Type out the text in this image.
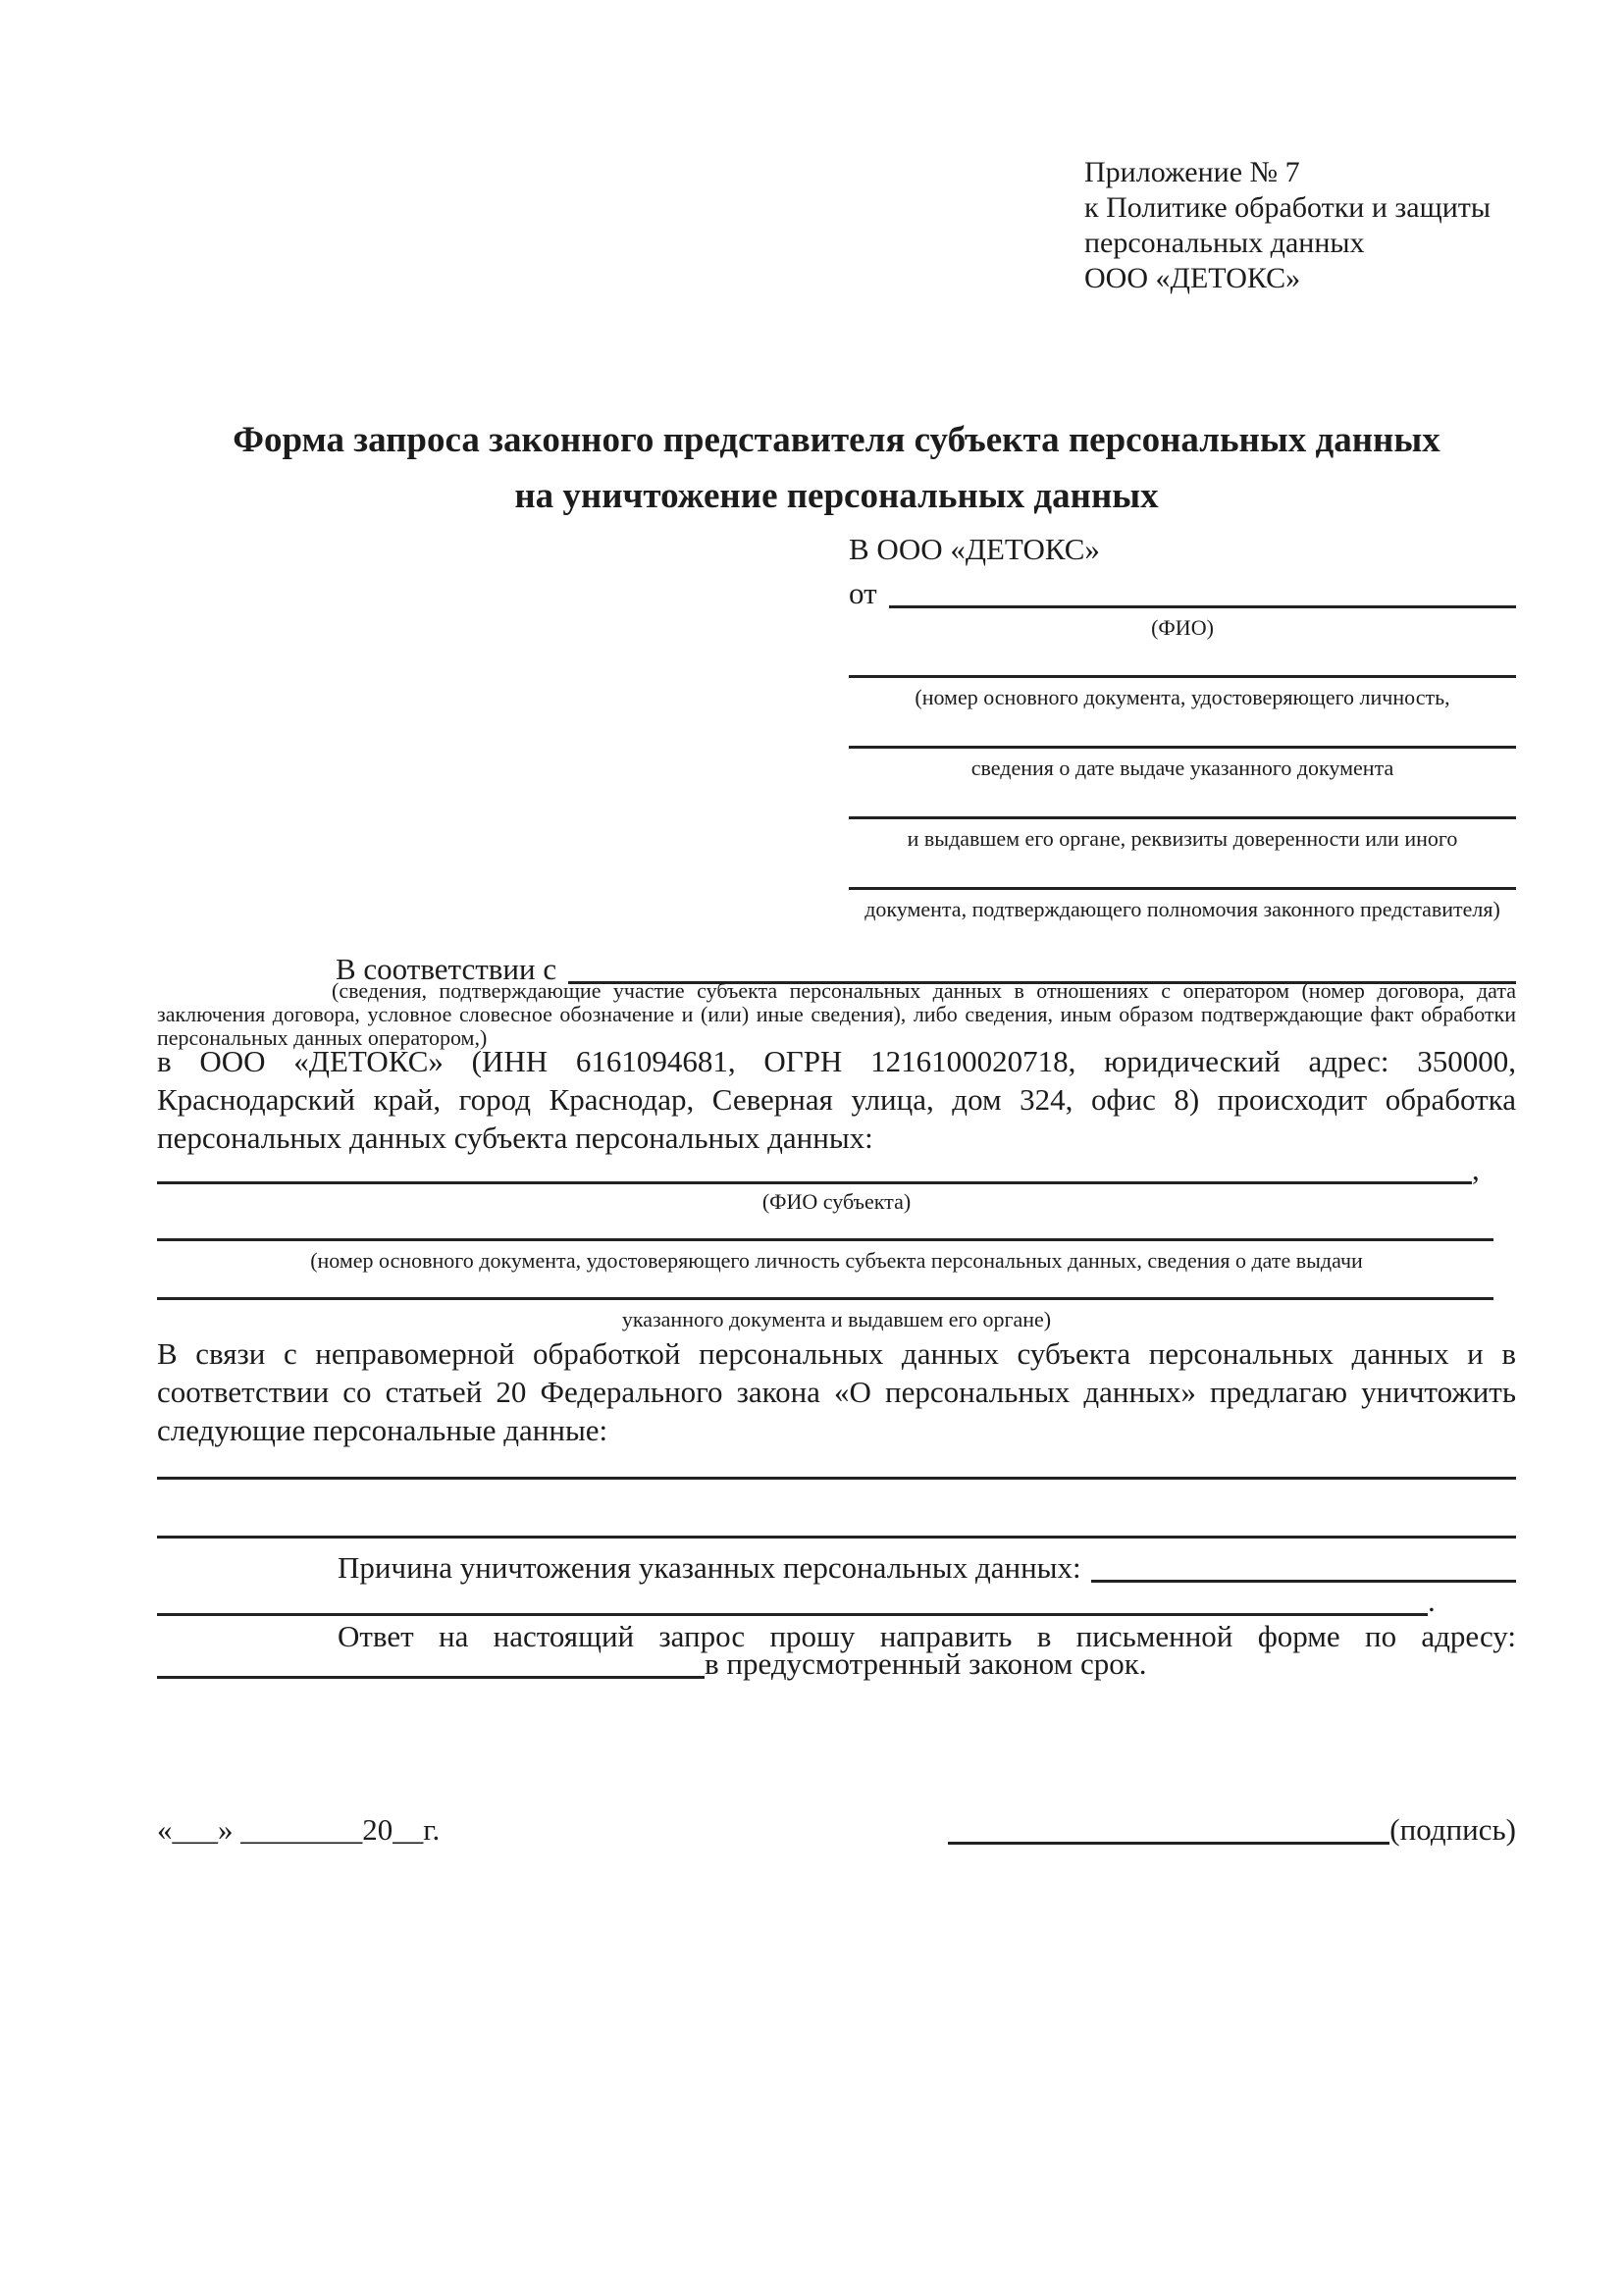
Приложение № 7
к Политике обработки и защиты
персональных данных
ООО «ДЕТОКС»
Форма запроса законного представителя субъекта персональных данных
на уничтожение персональных данных
В ООО «ДЕТОКС»
от
(ФИО)
(номер основного документа, удостоверяющего личность,
сведения о дате выдаче указанного документа
и выдавшем его органе, реквизиты доверенности или иного
документа, подтверждающего полномочия законного представителя)
В соответствии с
(сведения, подтверждающие участие субъекта персональных данных в отношениях с оператором (номер договора, дата заключения договора, условное словесное обозначение и (или) иные сведения), либо сведения, иным образом подтверждающие факт обработки персональных данных оператором,)
в ООО «ДЕТОКС» (ИНН 6161094681, ОГРН 1216100020718, юридический адрес: 350000, Краснодарский край, город Краснодар, Северная улица, дом 324, офис 8) происходит обработка персональных данных субъекта персональных данных:
,
(ФИО субъекта)
(номер основного документа, удостоверяющего личность субъекта персональных данных, сведения о дате выдачи
указанного документа и выдавшем его органе)
В связи с неправомерной обработкой персональных данных субъекта персональных данных и в соответствии со статьей 20 Федерального закона «О персональных данных» предлагаю уничтожить следующие персональные данные:
Причина уничтожения указанных персональных данных:
.
Ответ на настоящий запрос прошу направить в письменной форме по адресу:
в предусмотренный законом срок.
«___» ________20__г.	(подпись)
